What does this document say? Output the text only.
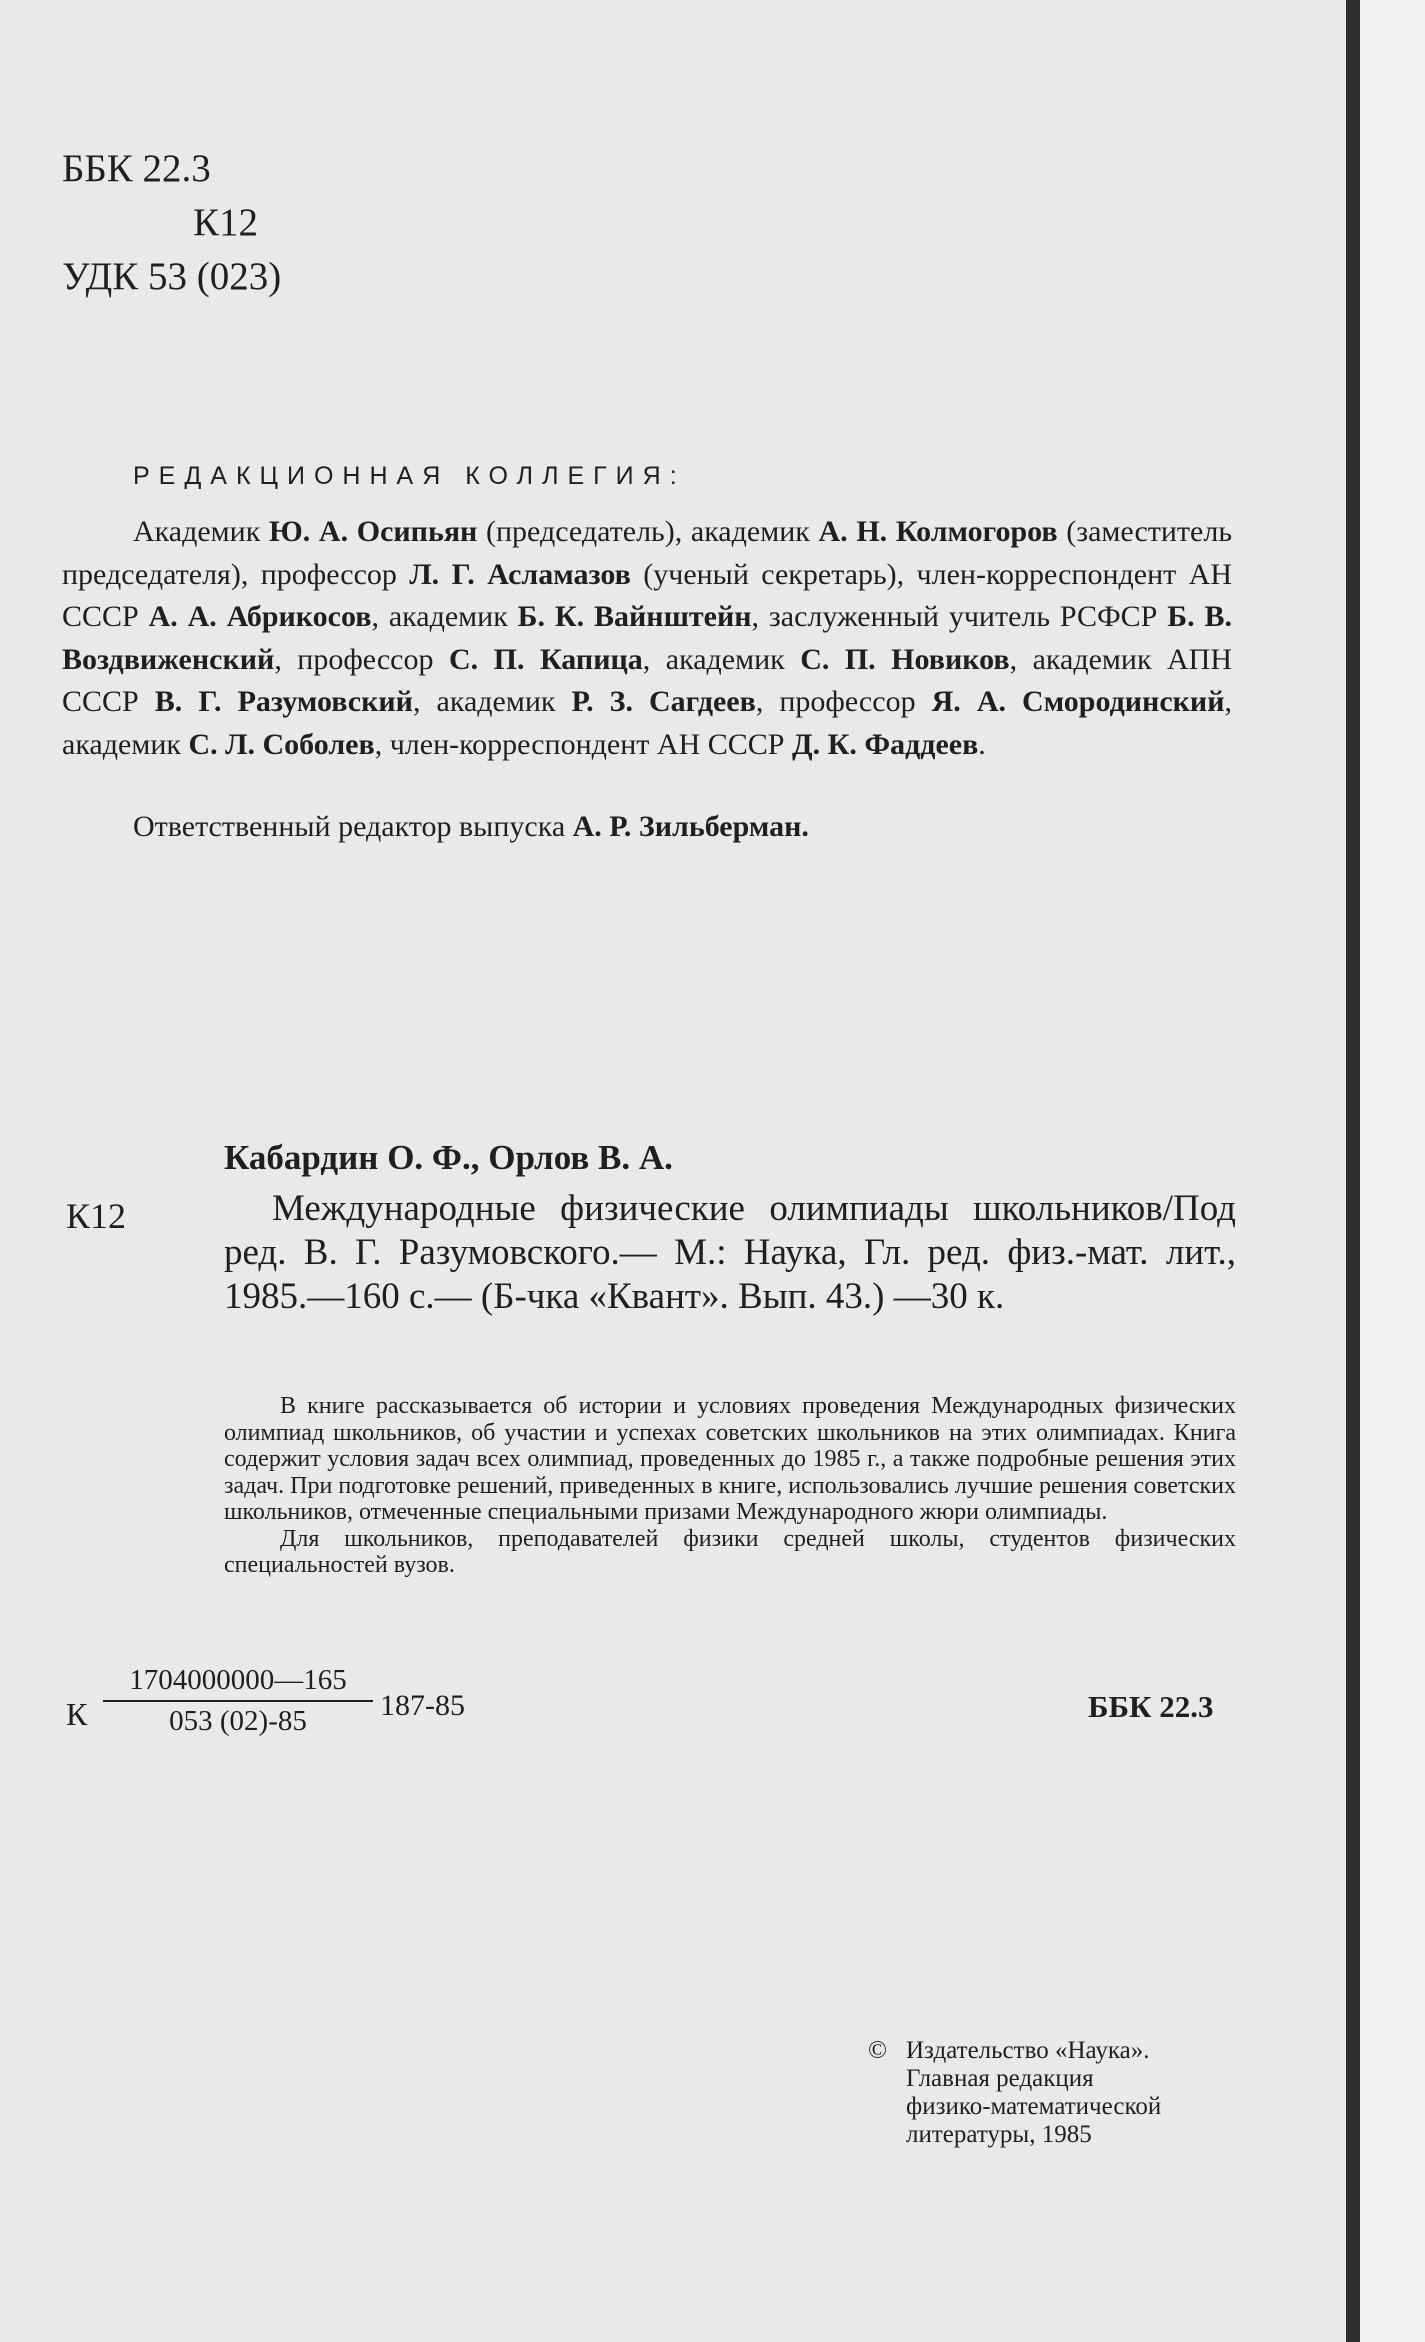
ББК 22.3
К12
УДК 53 (023)
РЕДАКЦИОННАЯ КОЛЛЕГИЯ:

Академик Ю. А. Осипьян (председатель), академик А. Н. Колмогоров (заместитель председателя), профессор Л. Г. Асламазов (ученый секретарь), член-корреспондент АН СССР А. А. Абрикосов, академик Б. К. Вайнштейн, заслуженный учитель РСФСР Б. В. Воздвиженский, профессор С. П. Капица, академик С. П. Новиков, академик АПН СССР В. Г. Разумовский, академик Р. З. Сагдеев, профессор Я. А. Смородинский, академик С. Л. Соболев, член-корреспондент АН СССР Д. К. Фаддеев.

Ответственный редактор выпуска А. Р. Зильберман.
Кабардин О. Ф., Орлов В. А.
К12	Международные физические олимпиады школьников/Под ред. В. Г. Разумовского.— М.: Наука, Гл. ред. физ.-мат. лит., 1985.—160 с.— (Б-чка «Квант». Вып. 43.) —30 к.

В книге рассказывается об истории и условиях проведения Международных физических олимпиад школьников, об участии и успехах советских школьников на этих олимпиадах. Книга содержит условия задач всех олимпиад, проведенных до 1985 г., а также подробные решения этих задач. При подготовке решений, приведенных в книге, использовались лучшие решения советских школьников, отмеченные специальными призами Международного жюри олимпиады.

Для школьников, преподавателей физики средней школы, студентов физических специальностей вузов.

К
1704000000—165
053 (02)-85	187-85	ББК 22.3
© Издательство «Наука».
Главная редакция
физико-математической
литературы, 1985
